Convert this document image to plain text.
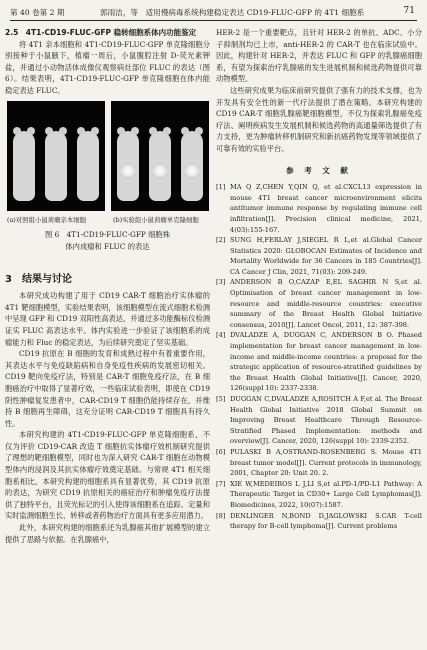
第 40 卷第 2 期	郭雨洁，等　适用慢病毒系统构建稳定表达 CD19-FLUC-GFP 的 4T1 细胞系	71
2.5　4T1-CD19-FLUC-GFP 稳转细胞系体内功能鉴定

将 4T1 亲本细胞和 4T1-CD19-FLUC-GFP 单克隆细胞分别接种于小鼠腋下，植瘤一周后，小鼠腹腔注射 D-荧光素钾盐，并通过小动物活体成像仪观察病灶部位 FLUC 的表达（图 6）。结果表明，4T1-CD19-FLUC-GFP 单克隆细胞在体内能稳定表达 FLUC。

(a)对照组小鼠荷瘤亲本细胞	(b)实验组小鼠荷瘤单克隆细胞
图 6　4T1-CD19-FLUC-GFP 细胞株
体内成瘤和 FLUC 的表达
3　结果与讨论

本研究成功构建了用于 CD19 CAR-T 细胞治疗实体瘤的 4T1 靶细胞模型，实验结果表明，该细胞模型在流式细胞术检测中呈现 GFP 和 CD19 双阳性高表达，并通过多功能酶标仪检测证实 FLUC 高表达水平。体内实验进一步验证了该细胞系的成瘤能力和 Fluc 的稳定表达，为后续研究奠定了坚实基础。

CD19 抗原在 B 细胞的发育和成熟过程中有着重要作用，其表达水平与免疫缺陷病和自身免疫性疾病的发展密切相关。CD19 靶向免疫疗法，特别是 CAR-T 细胞免疫疗法，在 B 细胞癌治疗中取得了显著疗效，一些临床试验表明，即使在 CD19 阴性肿瘤复发患者中，CAR-CD19 T 细胞仍能持续存在，并维持 B 细胞再生障碍，这充分证明 CAR-CD19 T 细胞具有持久性。

本研究构建的 4T1-CD19-FLUC-GFP 单克隆细胞系，不仅为评价 CD19-CAR 改造 T 细胞抗实体瘤疗效机制研究提供了理想的靶细胞模型，同时也为深入研究 CAR-T 细胞在动物模型体内的浸润及其抗实体瘤疗效奠定基础。与常规 4T1 相关细胞系相比，本研究构建的细胞系具有显著优势，其 CD19 抗原的表达，为研究 CD19 抗原相关的癌症治疗和肿瘤免疫疗法提供了独特平台，且荧光标记的引入使得该细胞系在追踪、定量和实时监测细胞生长、转移或者药物治疗方面具有更多应用潜力。

此外，本研究构建的细胞系还为乳腺癌其他扩展模型的建立提供了思路与依据。在乳腺癌中，

HER-2 是一个重要靶点，且针对 HER-2 的单抗、ADC、小分子抑制剂均已上市，anti-HER-2 的 CAR-T 也在临床试验中。因此，构建针对 HER-2，并表达 FLUC 和 GFP 的乳腺癌细胞系，有望为探索治疗乳腺癌的发生进展机制和候选药物提供可靠动物模型。

这些研究成果为临床前研究提供了强有力的技术支撑，也为开发具有安全性的新一代疗法提供了潜在策略。本研究构建的 CD19 CAR-T 细胞乳腺癌靶细胞模型，不仅为探索乳腺癌免疫疗法、阐明疾病发生发展机制和候选药物的高通量筛选提供了有力支持，更为肿瘤转移机制研究和新抗癌药物发现等领域提供了可靠有效的实验平台。

参 考 文 献

[1] MA Q Z,CHEN Y,QIN Q, et al.CXCL13 expression in mouse 4T1 breast cancer microenvironment elicits antitumor immune response by regulating immune cell infiltration[J]. Precision clinical medicine, 2021, 4(03):155-167.

[2] SUNG H,FERLAY J,SIEGEL R L,et al.Global Cancer Statistics 2020: GLOBOCAN Estimates of Incidence and Mortality Worldwide for 36 Cancers in 185 Countries[J]. CA Cancer J Clin, 2021, 71(03): 209-249.

[3] ANDERSON B O,CAZAP E,EL SAGHIR N S,et al. Optimisation of breast cancer management in low-resource and middle-resource countries: executive summary of the Breast Health Global Initiative consensus, 2010[J]. Lancet Oncol, 2011, 12: 387-398.

[4] DVALADZE A, DUGGAN C, ANDERSON B O. Phased implementation for breast cancer management in low-income and middle-income countries: a proposal for the strategic application of resource-stratified guidelines by the Breast Health Global Initiative[J]. Cancer, 2020, 126(suppl 10): 2337-2338.

[5] DUGGAN C,DVALADZE A,ROSITCH A F,et al. The Breast Health Global Initiative 2018 Global Summit on Improving Breast Healthcare Through Resource-Stratified Phased Implementation: methods and overview[J]. Cancer, 2020, 126(suppl 10): 2339-2352.

[6] PULASKI B A,OSTRAND-ROSENBERG S. Mouse 4T1 breast tumor model[J]. Current protocols in immunology, 2001, Chapter 20: Unit 20. 2.

[7] XIE W,MEDEIROS L J,LI S,et al.PD-1/PD-L1 Pathway: A Therapeutic Target in CD30+ Large Cell Lymphomas[J]. Biomedicines, 2022, 10(07):1587.

[8] DENLINGER N,BOND D,JAGLOWSKI S.CAR T-cell therapy for B-cell lymphoma[J]. Current problems
